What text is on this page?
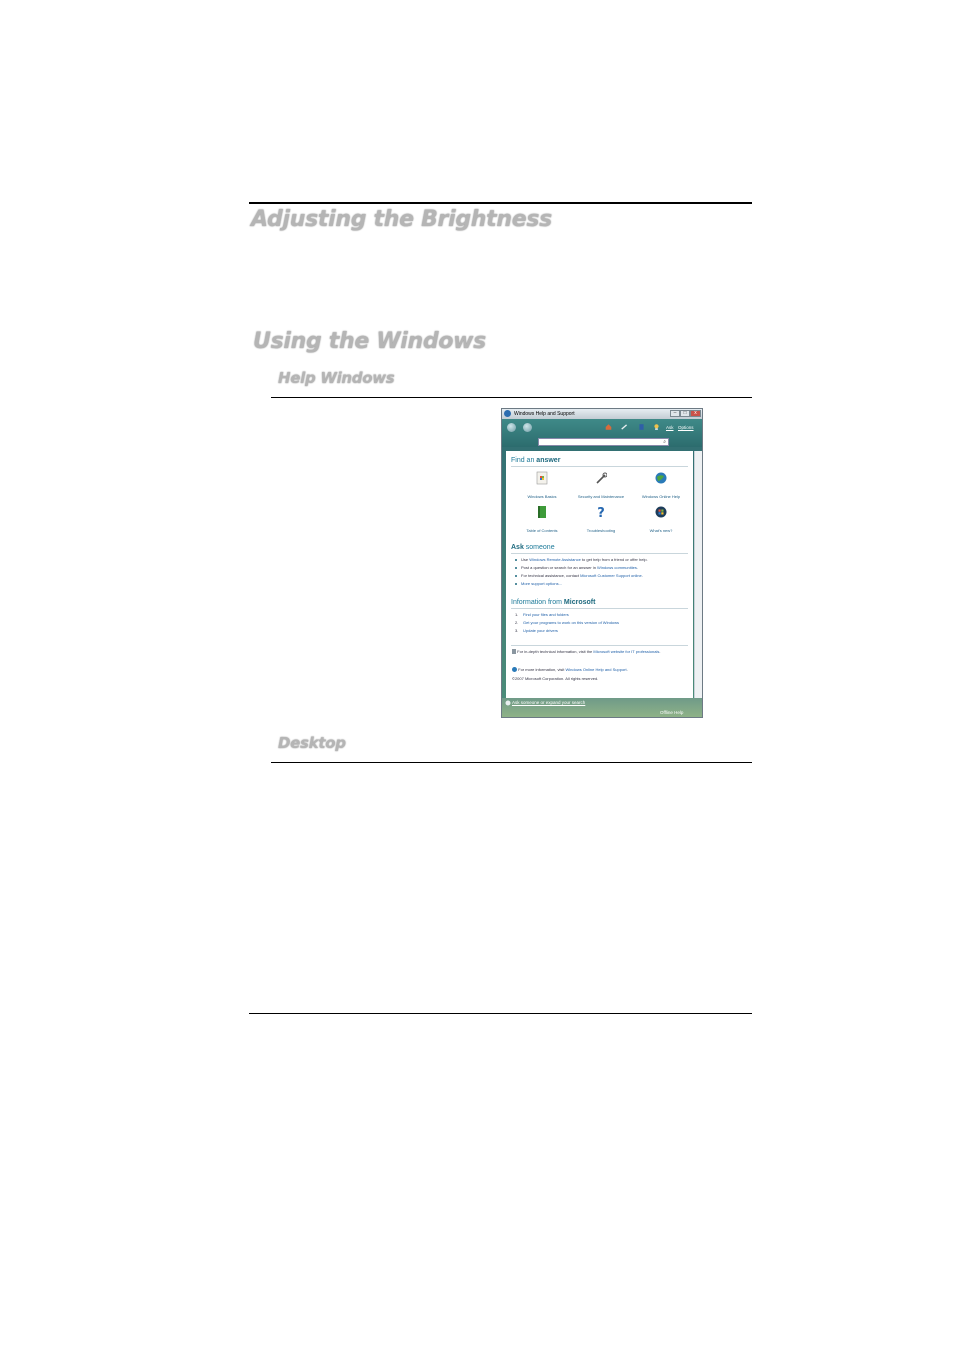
Adjusting the Brightness
Using the Windows
Help Windows
Desktop
Windows Help and Support	–	□	x
Ask Options
⌕
Find an answer
Windows Basics	Security and Maintenance	Windows Online Help
Table of Contents
?
Troubleshooting	What's new?
Ask someone
Use Windows Remote Assistance to get help from a friend or offer help.
Post a question or search for an answer in Windows communities.
For technical assistance, contact Microsoft Customer Support online.
More support options...
Information from Microsoft
1. Find your files and folders
2. Get your programs to work on this version of Windows
3. Update your drivers
For in-depth technical information, visit the Microsoft website for IT professionals.
For more information, visit Windows Online Help and Support.
©2007 Microsoft Corporation. All rights reserved.
Ask someone or expand your search
Offline Help
